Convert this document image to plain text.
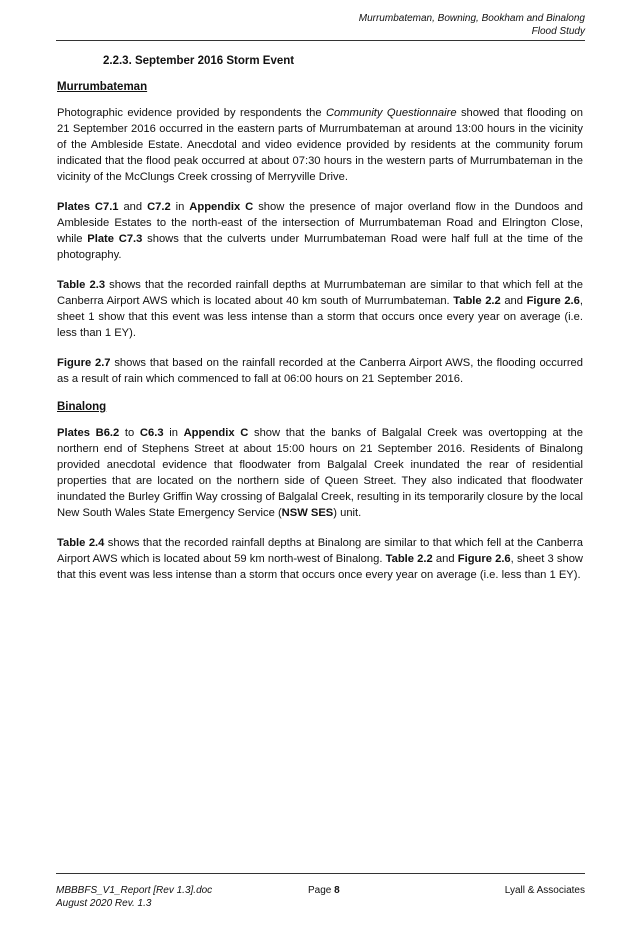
Murrumbateman, Bowning, Bookham and Binalong
Flood Study
2.2.3. September 2016 Storm Event
Murrumbateman

Photographic evidence provided by respondents the Community Questionnaire showed that flooding on 21 September 2016 occurred in the eastern parts of Murrumbateman at around 13:00 hours in the vicinity of the Ambleside Estate. Anecdotal and video evidence provided by residents at the community forum indicated that the flood peak occurred at about 07:30 hours in the western parts of Murrumbateman in the vicinity of the McClungs Creek crossing of Merryville Drive.

Plates C7.1 and C7.2 in Appendix C show the presence of major overland flow in the Dundoos and Ambleside Estates to the north-east of the intersection of Murrumbateman Road and Elrington Close, while Plate C7.3 shows that the culverts under Murrumbateman Road were half full at the time of the photography.

Table 2.3 shows that the recorded rainfall depths at Murrumbateman are similar to that which fell at the Canberra Airport AWS which is located about 40 km south of Murrumbateman. Table 2.2 and Figure 2.6, sheet 1 show that this event was less intense than a storm that occurs once every year on average (i.e. less than 1 EY).

Figure 2.7 shows that based on the rainfall recorded at the Canberra Airport AWS, the flooding occurred as a result of rain which commenced to fall at 06:00 hours on 21 September 2016.

Binalong

Plates B6.2 to C6.3 in Appendix C show that the banks of Balgalal Creek was overtopping at the northern end of Stephens Street at about 15:00 hours on 21 September 2016. Residents of Binalong provided anecdotal evidence that floodwater from Balgalal Creek inundated the rear of residential properties that are located on the northern side of Queen Street. They also indicated that floodwater inundated the Burley Griffin Way crossing of Balgalal Creek, resulting in its temporarily closure by the local New South Wales State Emergency Service (NSW SES) unit.

Table 2.4 shows that the recorded rainfall depths at Binalong are similar to that which fell at the Canberra Airport AWS which is located about 59 km north-west of Binalong. Table 2.2 and Figure 2.6, sheet 3 show that this event was less intense than a storm that occurs once every year on average (i.e. less than 1 EY).

MBBBFS_V1_Report [Rev 1.3].doc
August 2020 Rev. 1.3
Page 8	Lyall & Associates
